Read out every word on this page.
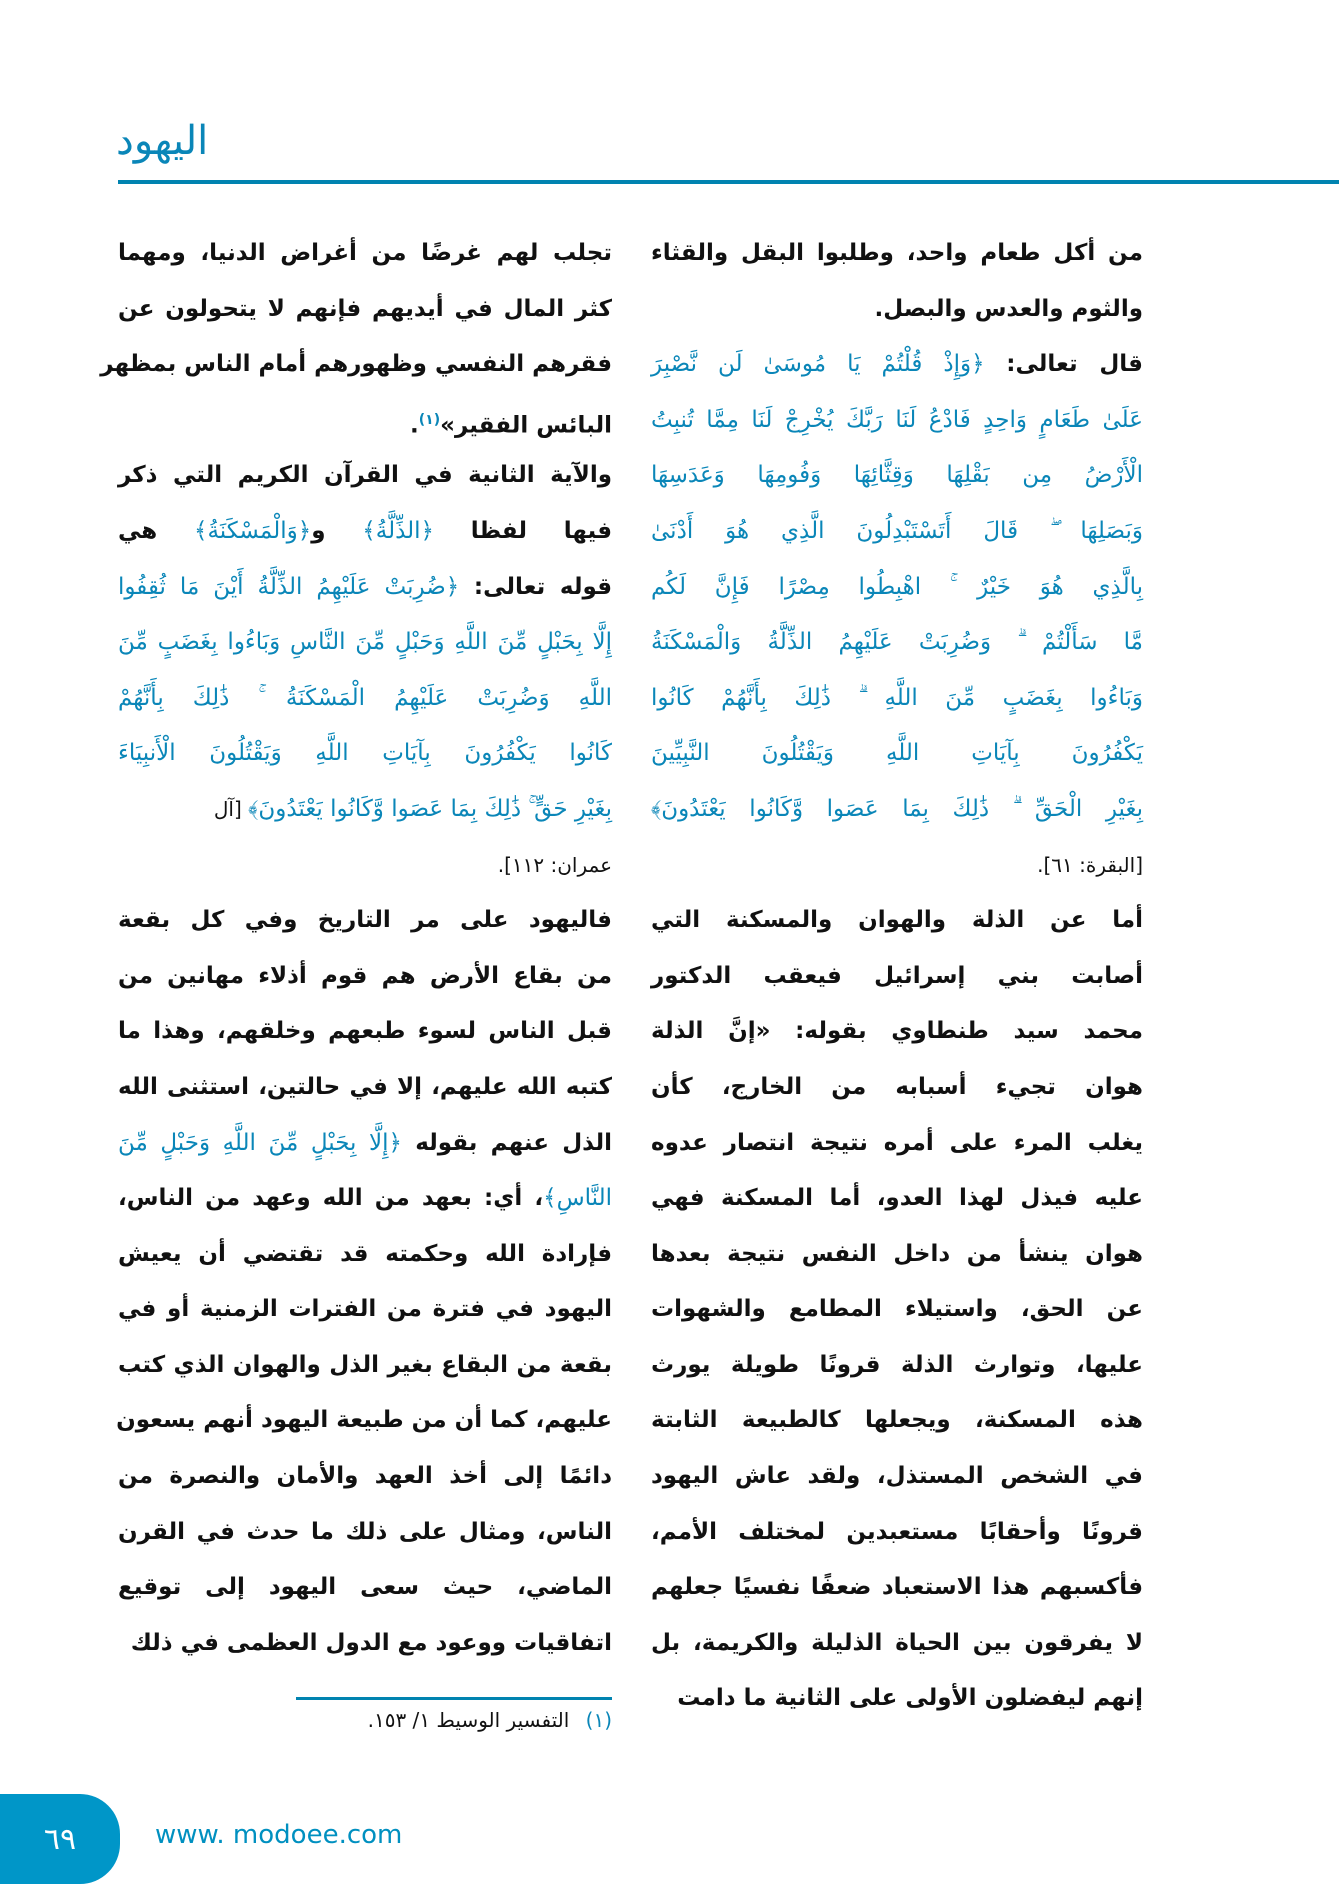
اليهود
من أكل طعام واحد، وطلبوا البقل والقثاء
والثوم والعدس والبصل.
قال تعالى: ﴿وَإِذْ قُلْتُمْ يَا مُوسَىٰ لَن نَّصْبِرَ
عَلَىٰ طَعَامٍ وَاحِدٍ فَادْعُ لَنَا رَبَّكَ يُخْرِجْ لَنَا مِمَّا تُنبِتُ
الْأَرْضُ مِن بَقْلِهَا وَقِثَّائِهَا وَفُومِهَا وَعَدَسِهَا
وَبَصَلِهَا ۖ قَالَ أَتَسْتَبْدِلُونَ الَّذِي هُوَ أَدْنَىٰ
بِالَّذِي هُوَ خَيْرٌ ۚ اهْبِطُوا مِصْرًا فَإِنَّ لَكُم
مَّا سَأَلْتُمْ ۗ وَضُرِبَتْ عَلَيْهِمُ الذِّلَّةُ وَالْمَسْكَنَةُ
وَبَاءُوا بِغَضَبٍ مِّنَ اللَّهِ ۗ ذَٰلِكَ بِأَنَّهُمْ كَانُوا
يَكْفُرُونَ بِآيَاتِ اللَّهِ وَيَقْتُلُونَ النَّبِيِّينَ
بِغَيْرِ الْحَقِّ ۗ ذَٰلِكَ بِمَا عَصَوا وَّكَانُوا يَعْتَدُونَ﴾
[البقرة: ٦١].
أما عن الذلة والهوان والمسكنة التي
أصابت بني إسرائيل فيعقب الدكتور
محمد سيد طنطاوي بقوله: «إنَّ الذلة
هوان تجيء أسبابه من الخارج، كأن
يغلب المرء على أمره نتيجة انتصار عدوه
عليه فيذل لهذا العدو، أما المسكنة فهي
هوان ينشأ من داخل النفس نتيجة بعدها
عن الحق، واستيلاء المطامع والشهوات
عليها، وتوارث الذلة قرونًا طويلة يورث
هذه المسكنة، ويجعلها كالطبيعة الثابتة
في الشخص المستذل، ولقد عاش اليهود
قرونًا وأحقابًا مستعبدين لمختلف الأمم،
فأكسبهم هذا الاستعباد ضعفًا نفسيًا جعلهم
لا يفرقون بين الحياة الذليلة والكريمة، بل
إنهم ليفضلون الأولى على الثانية ما دامت
تجلب لهم غرضًا من أغراض الدنيا، ومهما
كثر المال في أيديهم فإنهم لا يتحولون عن
فقرهم النفسي وظهورهم أمام الناس بمظهر
البائس الفقير»$^{(١)}$.
والآية الثانية في القرآن الكريم التي ذكر
فيها لفظا ﴿الذِّلَّةُ﴾ و﴿وَالْمَسْكَنَةُ﴾ هي
قوله تعالى: ﴿ضُرِبَتْ عَلَيْهِمُ الذِّلَّةُ أَيْنَ مَا ثُقِفُوا
إِلَّا بِحَبْلٍ مِّنَ اللَّهِ وَحَبْلٍ مِّنَ النَّاسِ وَبَاءُوا بِغَضَبٍ مِّنَ
اللَّهِ وَضُرِبَتْ عَلَيْهِمُ الْمَسْكَنَةُ ۚ ذَٰلِكَ بِأَنَّهُمْ
كَانُوا يَكْفُرُونَ بِآيَاتِ اللَّهِ وَيَقْتُلُونَ الْأَنبِيَاءَ
بِغَيْرِ حَقٍّ ۚ ذَٰلِكَ بِمَا عَصَوا وَّكَانُوا يَعْتَدُونَ﴾ [آل
عمران: ١١٢].
فاليهود على مر التاريخ وفي كل بقعة
من بقاع الأرض هم قوم أذلاء مهانين من
قبل الناس لسوء طبعهم وخلقهم، وهذا ما
كتبه الله عليهم، إلا في حالتين، استثنى الله
الذل عنهم بقوله ﴿إِلَّا بِحَبْلٍ مِّنَ اللَّهِ وَحَبْلٍ مِّنَ
النَّاسِ﴾، أي: بعهد من الله وعهد من الناس،
فإرادة الله وحكمته قد تقتضي أن يعيش
اليهود في فترة من الفترات الزمنية أو في
بقعة من البقاع بغير الذل والهوان الذي كتب
عليهم، كما أن من طبيعة اليهود أنهم يسعون
دائمًا إلى أخذ العهد والأمان والنصرة من
الناس، ومثال على ذلك ما حدث في القرن
الماضي، حيث سعى اليهود إلى توقيع
اتفاقيات ووعود مع الدول العظمى في ذلك
(١) التفسير الوسيط ١/ ١٥٣.
٦٩	www. modoee.com
